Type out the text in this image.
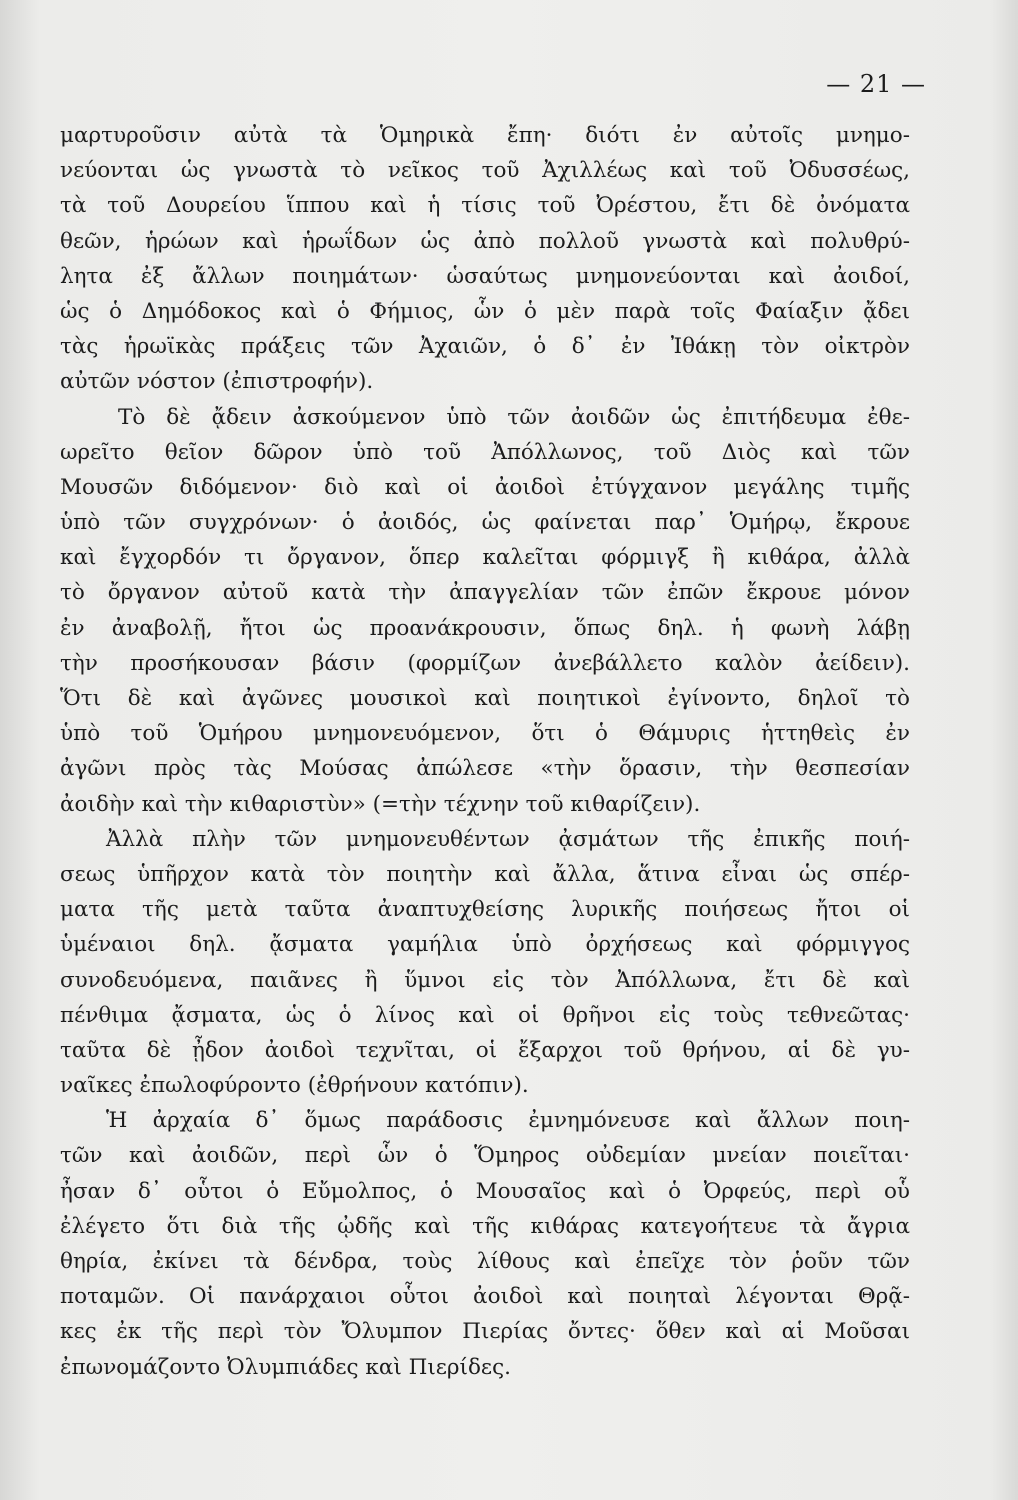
— 21 —
μαρτυροῦσιν αὐτὰ τὰ Ὁμηρικὰ ἔπη· διότι ἐν αὐτοῖς μνημο-
νεύονται ὡς γνωστὰ τὸ νεῖκος τοῦ Ἀχιλλέως καὶ τοῦ Ὀδυσσέως,
τὰ τοῦ Δουρείου ἵππου καὶ ἡ τίσις τοῦ Ὀρέστου, ἔτι δὲ ὀνόματα
θεῶν, ἡρώων καὶ ἡρωΐδων ὡς ἀπὸ πολλοῦ γνωστὰ καὶ πολυθρύ-
λητα ἐξ ἄλλων ποιημάτων· ὡσαύτως μνημονεύονται καὶ ἀοιδοί,
ὡς ὁ Δημόδοκος καὶ ὁ Φήμιος, ὧν ὁ μὲν παρὰ τοῖς Φαίαξιν ᾄδει
τὰς ἡρωϊκὰς πράξεις τῶν Ἀχαιῶν, ὁ δ᾿ ἐν Ἰθάκῃ τὸν οἰκτρὸν
αὐτῶν νόστον (ἐπιστροφήν).
Τὸ δὲ ᾄδειν ἀσκούμενον ὑπὸ τῶν ἀοιδῶν ὡς ἐπιτήδευμα ἐθε-
ωρεῖτο θεῖον δῶρον ὑπὸ τοῦ Ἀπόλλωνος, τοῦ Διὸς καὶ τῶν
Μουσῶν διδόμενον· διὸ καὶ οἱ ἀοιδοὶ ἐτύγχανον μεγάλης τιμῆς
ὑπὸ τῶν συγχρόνων· ὁ ἀοιδός, ὡς φαίνεται παρ᾿ Ὁμήρῳ, ἔκρουε
καὶ ἔγχορδόν τι ὄργανον, ὅπερ καλεῖται φόρμιγξ ἢ κιθάρα, ἀλλὰ
τὸ ὄργανον αὐτοῦ κατὰ τὴν ἀπαγγελίαν τῶν ἐπῶν ἔκρουε μόνον
ἐν ἀναβολῇ, ἤτοι ὡς προανάκρουσιν, ὅπως δηλ. ἡ φωνὴ λάβῃ
τὴν προσήκουσαν βάσιν (φορμίζων ἀνεβάλλετο καλὸν ἀείδειν).
Ὅτι δὲ καὶ ἀγῶνες μουσικοὶ καὶ ποιητικοὶ ἐγίνοντο, δηλοῖ τὸ
ὑπὸ τοῦ Ὁμήρου μνημονευόμενον, ὅτι ὁ Θάμυρις ἡττηθεὶς ἐν
ἀγῶνι πρὸς τὰς Μούσας ἀπώλεσε «τὴν ὅρασιν, τὴν θεσπεσίαν
ἀοιδὴν καὶ τὴν κιθαριστὺν» (=τὴν τέχνην τοῦ κιθαρίζειν).
Ἀλλὰ πλὴν τῶν μνημονευθέντων ᾀσμάτων τῆς ἐπικῆς ποιή-
σεως ὑπῆρχον κατὰ τὸν ποιητὴν καὶ ἄλλα, ἅτινα εἶναι ὡς σπέρ-
ματα τῆς μετὰ ταῦτα ἀναπτυχθείσης λυρικῆς ποιήσεως ἤτοι οἱ
ὑμέναιοι δηλ. ᾄσματα γαμήλια ὑπὸ ὀρχήσεως καὶ φόρμιγγος
συνοδευόμενα, παιᾶνες ἢ ὕμνοι εἰς τὸν Ἀπόλλωνα, ἔτι δὲ καὶ
πένθιμα ᾄσματα, ὡς ὁ λίνος καὶ οἱ θρῆνοι εἰς τοὺς τεθνεῶτας·
ταῦτα δὲ ᾖδον ἀοιδοὶ τεχνῖται, οἱ ἔξαρχοι τοῦ θρήνου, αἱ δὲ γυ-
ναῖκες ἐπωλοφύροντο (ἐθρήνουν κατόπιν).
Ἡ ἀρχαία δ᾿ ὅμως παράδοσις ἐμνημόνευσε καὶ ἄλλων ποιη-
τῶν καὶ ἀοιδῶν, περὶ ὧν ὁ Ὅμηρος οὐδεμίαν μνείαν ποιεῖται·
ἦσαν δ᾿ οὗτοι ὁ Εὔμολπος, ὁ Μουσαῖος καὶ ὁ Ὀρφεύς, περὶ οὗ
ἐλέγετο ὅτι διὰ τῆς ᾠδῆς καὶ τῆς κιθάρας κατεγοήτευε τὰ ἄγρια
θηρία, ἐκίνει τὰ δένδρα, τοὺς λίθους καὶ ἐπεῖχε τὸν ῥοῦν τῶν
ποταμῶν. Οἱ πανάρχαιοι οὗτοι ἀοιδοὶ καὶ ποιηταὶ λέγονται Θρᾷ-
κες ἐκ τῆς περὶ τὸν Ὄλυμπον Πιερίας ὄντες· ὅθεν καὶ αἱ Μοῦσαι
ἐπωνομάζοντο Ὀλυμπιάδες καὶ Πιερίδες.
